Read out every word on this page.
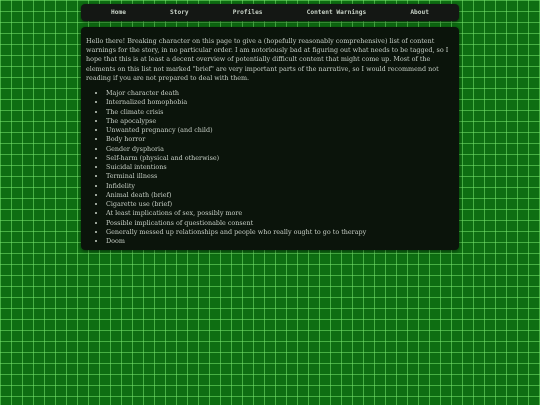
Home	Story	Profiles	Content Warnings	About

Hello there! Breaking character on this page to give a (hopefully reasonably comprehensive) list of content warnings for the story, in no particular order. I am notoriously bad at figuring out what needs to be tagged, so I hope that this is at least a decent overview of potentially difficult content that might come up. Most of the elements on this list not marked "brief" are very important parts of the narrative, so I would recommend not reading if you are not prepared to deal with them.

• Major character death
• Internalized homophobia
• The climate crisis
• The apocalypse
• Unwanted pregnancy (and child)
• Body horror
• Gender dysphoria
• Self-harm (physical and otherwise)
• Suicidal intentions
• Terminal illness
• Infidelity
• Animal death (brief)
• Cigarette use (brief)
• At least implications of sex, possibly more
• Possible implications of questionable consent
• Generally messed up relationships and people who really ought to go to therapy
• Doom
